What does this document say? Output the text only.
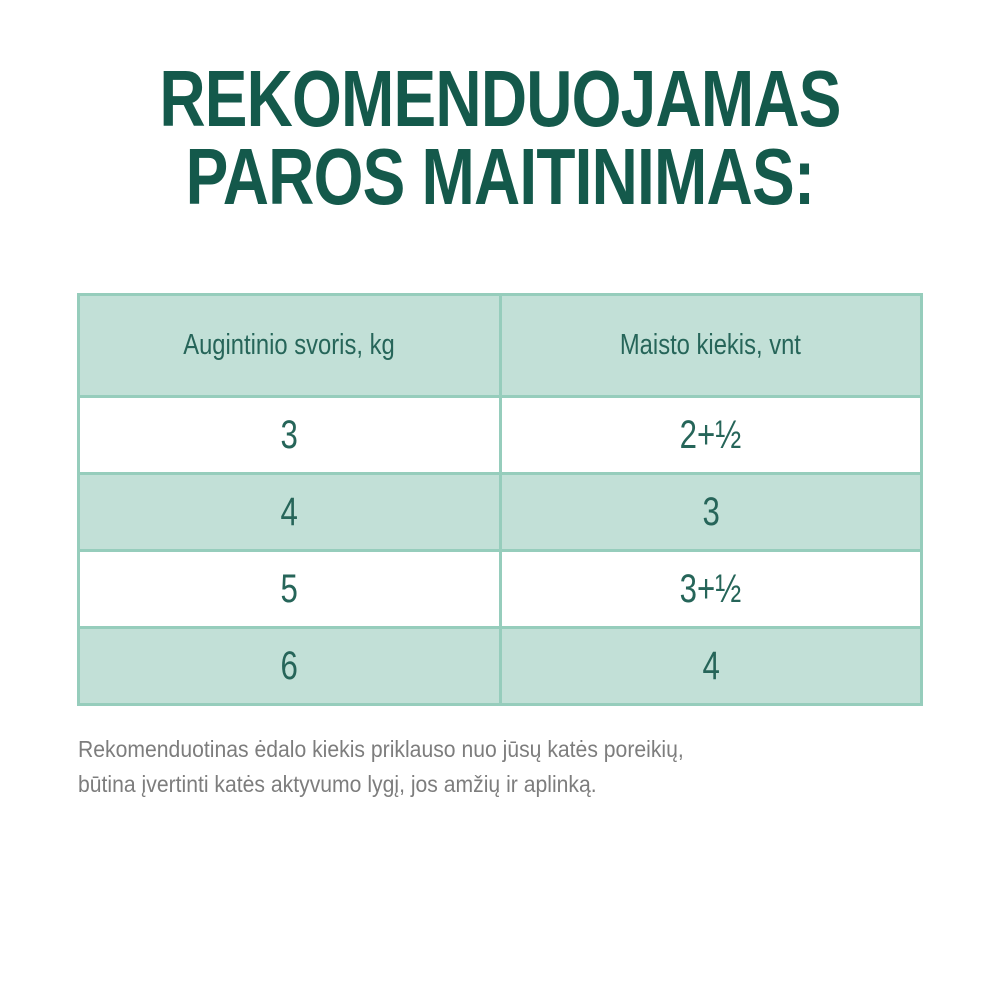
REKOMENDUOJAMAS
PAROS MAITINIMAS:
Augintinio svoris, kg	Maisto kiekis, vnt
3	2+½
4	3
5	3+½
6	4

Rekomenduotinas ėdalo kiekis priklauso nuo jūsų katės poreikių,
būtina įvertinti katės aktyvumo lygį, jos amžių ir aplinką.
